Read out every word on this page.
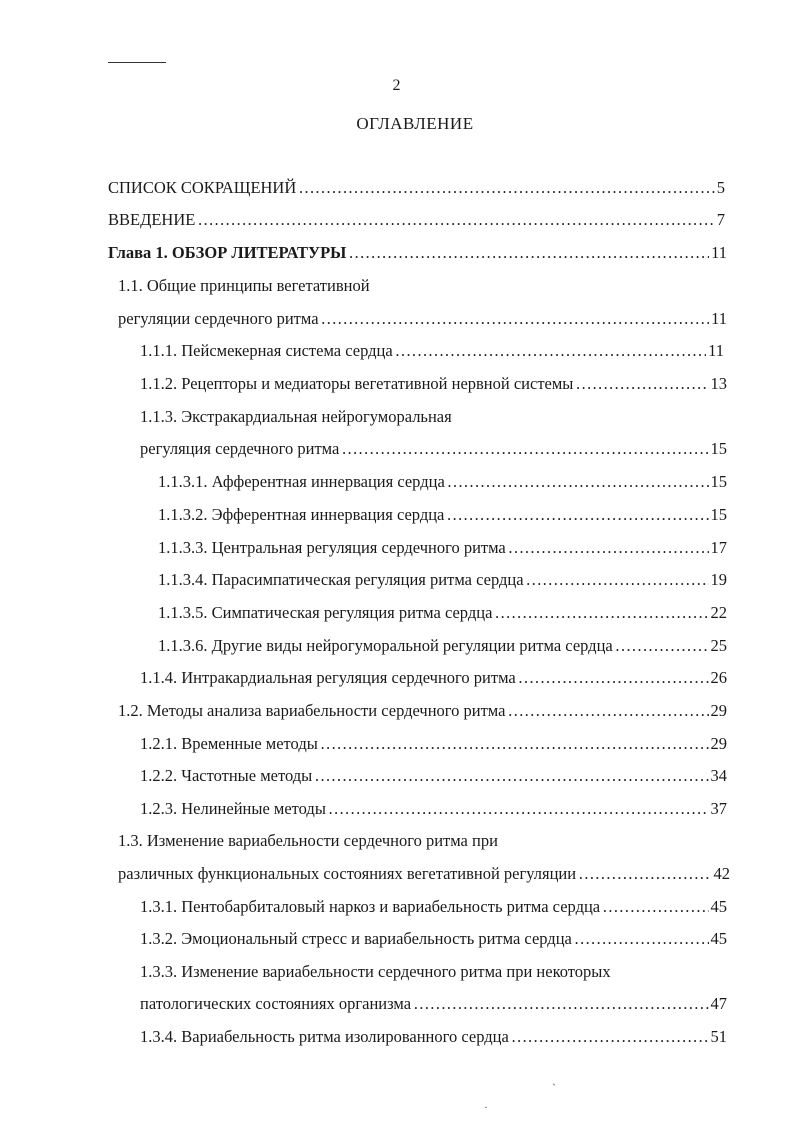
2
ОГЛАВЛЕНИЕ
СПИСОК СОКРАЩЕНИЙ ……………………………………………………………………………………………………………………………………………………………………………………	5
ВВЕДЕНИЕ ……………………………………………………………………………………………………………………………………………………………………………………	7
Глава 1. ОБЗОР ЛИТЕРАТУРЫ ……………………………………………………………………………………………………………………………………………………………………………………	11
1.1. Общие принципы вегетативной
регуляции сердечного ритма ……………………………………………………………………………………………………………………………………………………………………………………	11
1.1.1. Пейсмекерная система сердца ……………………………………………………………………………………………………………………………………………………………………………………	11
1.1.2. Рецепторы и медиаторы вегетативной нервной системы ……………………………………………………………………………………………………………………………………………………………………………………	13
1.1.3. Экстракардиальная нейрогуморальная
регуляция сердечного ритма ……………………………………………………………………………………………………………………………………………………………………………………	15
1.1.3.1. Афферентная иннервация сердца ……………………………………………………………………………………………………………………………………………………………………………………	15
1.1.3.2. Эфферентная иннервация сердца ……………………………………………………………………………………………………………………………………………………………………………………	15
1.1.3.3. Центральная регуляция сердечного ритма ……………………………………………………………………………………………………………………………………………………………………………………	17
1.1.3.4. Парасимпатическая регуляция ритма сердца ……………………………………………………………………………………………………………………………………………………………………………………	19
1.1.3.5. Симпатическая регуляция ритма сердца ……………………………………………………………………………………………………………………………………………………………………………………	22
1.1.3.6. Другие виды нейрогуморальной регуляции ритма сердца ……………………………………………………………………………………………………………………………………………………………………………………	25
1.1.4. Интракардиальная регуляция сердечного ритма ……………………………………………………………………………………………………………………………………………………………………………………	26
1.2. Методы анализа вариабельности сердечного ритма ……………………………………………………………………………………………………………………………………………………………………………………	29
1.2.1. Временные методы ……………………………………………………………………………………………………………………………………………………………………………………	29
1.2.2. Частотные методы ……………………………………………………………………………………………………………………………………………………………………………………	34
1.2.3. Нелинейные методы ……………………………………………………………………………………………………………………………………………………………………………………	37
1.3. Изменение вариабельности сердечного ритма при
различных функциональных состояниях вегетативной регуляции ……………………………………………………………………………………………………………………………………………………………………………………	42
1.3.1. Пентобарбиталовый наркоз и вариабельность ритма сердца ……………………………………………………………………………………………………………………………………………………………………………………	45
1.3.2. Эмоциональный стресс и вариабельность ритма сердца ……………………………………………………………………………………………………………………………………………………………………………………	45
1.3.3. Изменение вариабельности сердечного ритма при некоторых
патологических состояниях организма ……………………………………………………………………………………………………………………………………………………………………………………	47
1.3.4. Вариабельность ритма изолированного сердца ……………………………………………………………………………………………………………………………………………………………………………………	51
ˏ
·
